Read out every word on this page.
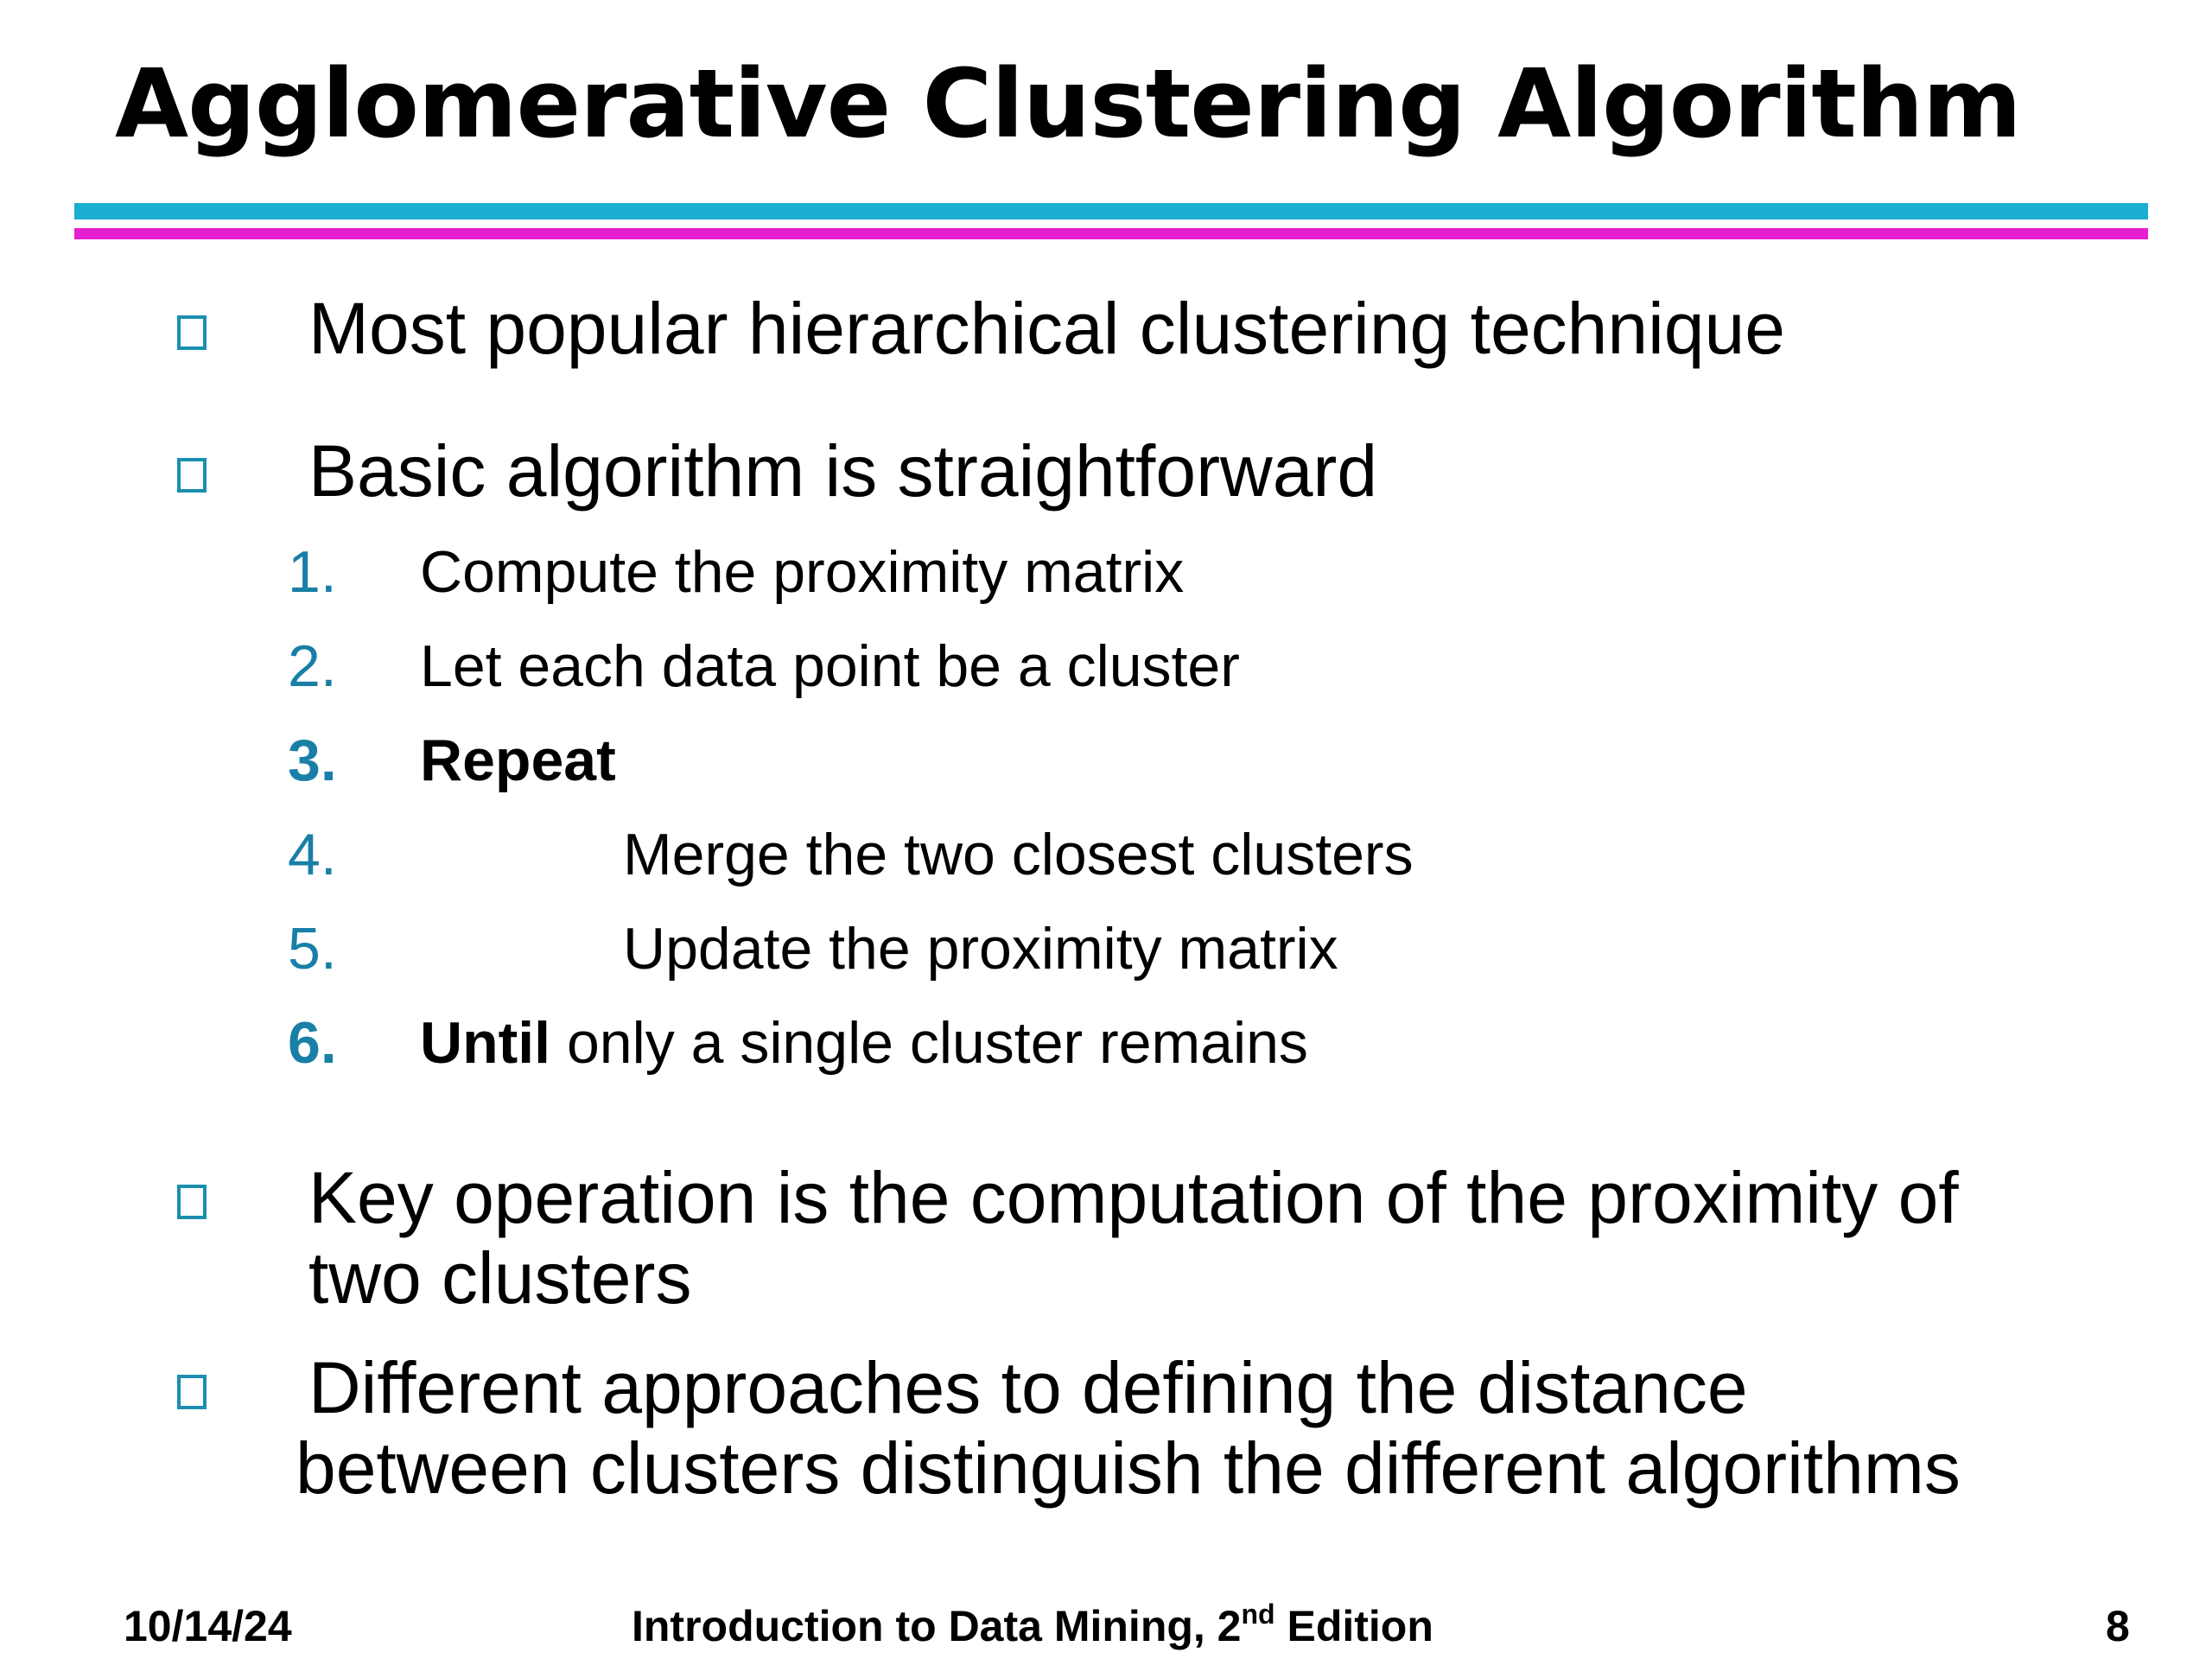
Agglomerative Clustering Algorithm

Most popular hierarchical clustering technique

Basic algorithm is straightforward

1. Compute the proximity matrix

2. Let each data point be a cluster

3. Repeat

4.	Merge the two closest clusters

5.	Update the proximity matrix

6. Until only a single cluster remains

Key operation is the computation of the proximity of

two clusters

Different approaches to defining the distance

between clusters distinguish the different algorithms

10/14/24	Introduction to Data Mining, 2nd Edition	8
